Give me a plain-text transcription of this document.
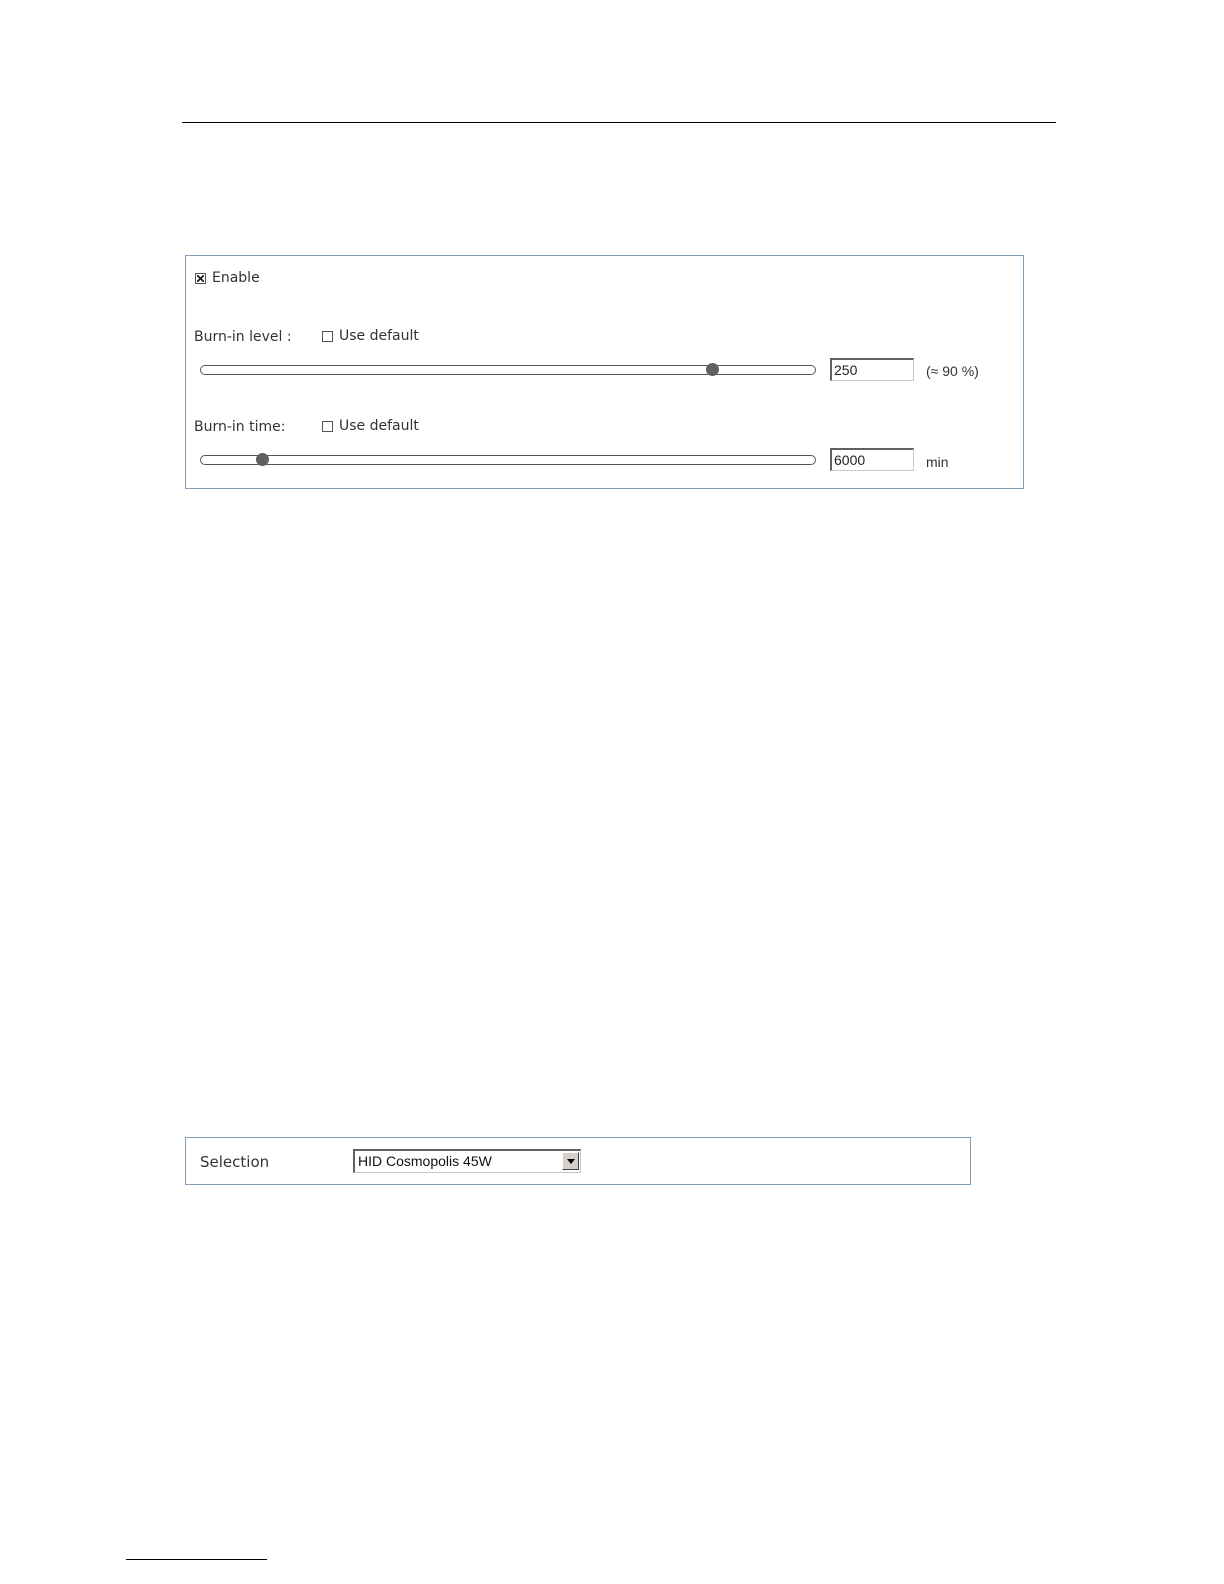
Enable
Burn-in level :	Use default
250
(≈ 90 %)
Burn-in time:	Use default
6000
min
Selection	HID Cosmopolis 45W
